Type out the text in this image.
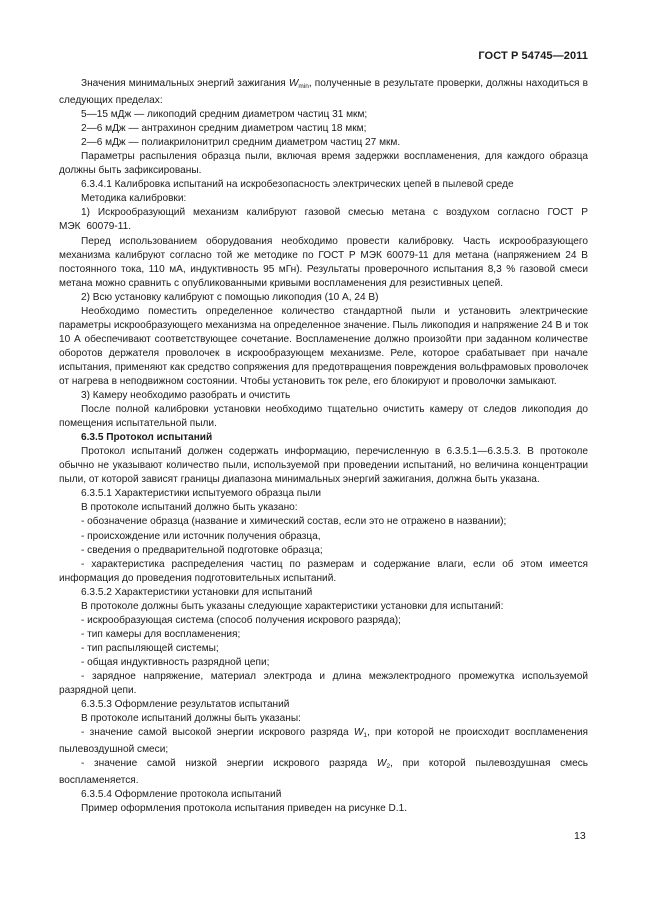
ГОСТ Р 54745—2011

Значения минимальных энергий зажигания $W_{min}$, полученные в результате проверки, должны находиться в следующих пределах:

5—15 мДж — ликоподий средним диаметром частиц 31 мкм;

2—6 мДж — антрахинон средним диаметром частиц 18 мкм;

2—6 мДж — полиакрилонитрил средним диаметром частиц 27 мкм.

Параметры распыления образца пыли, включая время задержки воспламенения, для каждого образца должны быть зафиксированы.

6.3.4.1 Калибровка испытаний на искробезопасность электрических цепей в пылевой среде

Методика калибровки:

1) Искрообразующий механизм калибруют газовой смесью метана с воздухом согласно ГОСТ Р МЭК 60079-11.

Перед использованием оборудования необходимо провести калибровку. Часть искрообразующего механизма калибруют согласно той же методике по ГОСТ Р МЭК 60079-11 для метана (напряжением 24 В постоянного тока, 110 мА, индуктивность 95 мГн). Результаты проверочного испытания 8,3 % газовой смеси метана можно сравнить с опубликованными кривыми воспламенения для резистивных цепей.

2) Всю установку калибруют с помощью ликоподия (10 А, 24 В)

Необходимо поместить определенное количество стандартной пыли и установить электрические параметры искрообразующего механизма на определенное значение. Пыль ликоподия и напряжение 24 В и ток 10 А обеспечивают соответствующее сочетание. Воспламенение должно произойти при заданном количестве оборотов держателя проволочек в искрообразующем механизме. Реле, которое срабатывает при начале испытания, применяют как средство сопряжения для предотвращения повреждения вольфрамовых проволочек от нагрева в неподвижном состоянии. Чтобы установить ток реле, его блокируют и проволочки замыкают.

3) Камеру необходимо разобрать и очистить

После полной калибровки установки необходимо тщательно очистить камеру от следов ликоподия до помещения испытательной пыли.

6.3.5 Протокол испытаний

Протокол испытаний должен содержать информацию, перечисленную в 6.3.5.1—6.3.5.3. В протоколе обычно не указывают количество пыли, используемой при проведении испытаний, но величина концентрации пыли, от которой зависят границы диапазона минимальных энергий зажигания, должна быть указана.

6.3.5.1 Характеристики испытуемого образца пыли

В протоколе испытаний должно быть указано:

- обозначение образца (название и химический состав, если это не отражено в названии);

- происхождение или источник получения образца,

- сведения о предварительной подготовке образца;

- характеристика распределения частиц по размерам и содержание влаги, если об этом имеется информация до проведения подготовительных испытаний.

6.3.5.2 Характеристики установки для испытаний

В протоколе должны быть указаны следующие характеристики установки для испытаний:

- искрообразующая система (способ получения искрового разряда);

- тип камеры для воспламенения;

- тип распыляющей системы;

- общая индуктивность разрядной цепи;

- зарядное напряжение, материал электрода и длина межэлектродного промежутка используемой разрядной цепи.

6.3.5.3 Оформление результатов испытаний

В протоколе испытаний должны быть указаны:

- значение самой высокой энергии искрового разряда $W_1$, при которой не происходит воспламенения пылевоздушной смеси;

- значение самой низкой энергии искрового разряда $W_2$, при которой пылевоздушная смесь воспламеняется.

6.3.5.4 Оформление протокола испытаний

Пример оформления протокола испытания приведен на рисунке D.1.

13
